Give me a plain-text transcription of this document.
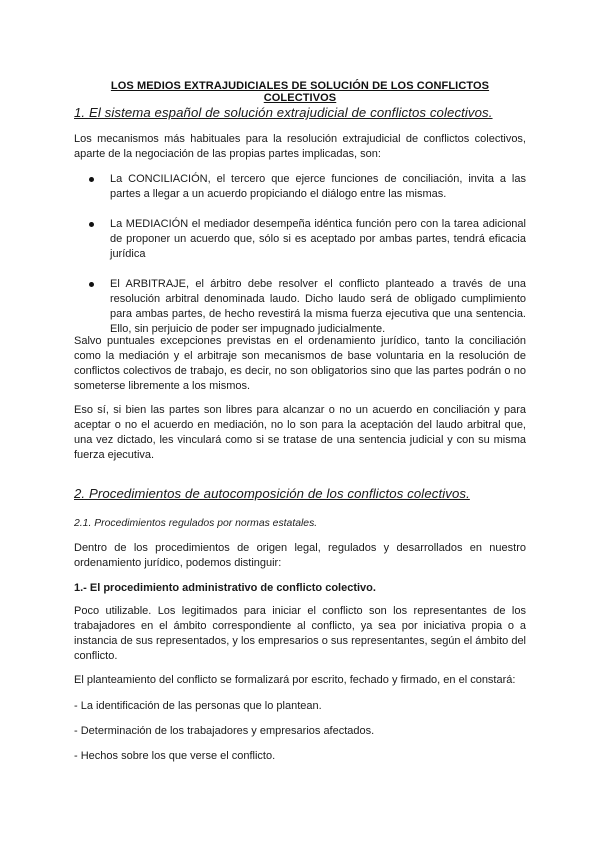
LOS MEDIOS EXTRAJUDICIALES DE SOLUCIÓN DE LOS CONFLICTOS COLECTIVOS
1. El sistema español de solución extrajudicial de conflictos colectivos.
Los mecanismos más habituales para la resolución extrajudicial de conflictos colectivos, aparte de la negociación de las propias partes implicadas, son:
La CONCILIACIÓN, el tercero que ejerce funciones de conciliación, invita a las partes a llegar a un acuerdo propiciando el diálogo entre las mismas.
La MEDIACIÓN el mediador desempeña idéntica función pero con la tarea adicional de proponer un acuerdo que, sólo si es aceptado por ambas partes, tendrá eficacia jurídica
El ARBITRAJE, el árbitro debe resolver el conflicto planteado a través de una resolución arbitral denominada laudo. Dicho laudo será de obligado cumplimiento para ambas partes, de hecho revestirá la misma fuerza ejecutiva que una sentencia. Ello, sin perjuicio de poder ser impugnado judicialmente.
Salvo puntuales excepciones previstas en el ordenamiento jurídico, tanto la conciliación como la mediación y el arbitraje son mecanismos de base voluntaria en la resolución de conflictos colectivos de trabajo, es decir, no son obligatorios sino que las partes podrán o no someterse libremente a los mismos.
Eso sí, si bien las partes son libres para alcanzar o no un acuerdo en conciliación y para aceptar o no el acuerdo en mediación, no lo son para la aceptación del laudo arbitral que, una vez dictado, les vinculará como si se tratase de una sentencia judicial y con su misma fuerza ejecutiva.
2. Procedimientos de autocomposición de los conflictos colectivos.
2.1. Procedimientos regulados por normas estatales.
Dentro de los procedimientos de origen legal, regulados y desarrollados en nuestro ordenamiento jurídico, podemos distinguir:
1.- El procedimiento administrativo de conflicto colectivo.
Poco utilizable. Los legitimados para iniciar el conflicto son los representantes de los trabajadores en el ámbito correspondiente al conflicto, ya sea por iniciativa propia o a instancia de sus representados, y los empresarios o sus representantes, según el ámbito del conflicto.
El planteamiento del conflicto se formalizará por escrito, fechado y firmado, en el constará:
- La identificación de las personas que lo plantean.
- Determinación de los trabajadores y empresarios afectados.
- Hechos sobre los que verse el conflicto.
